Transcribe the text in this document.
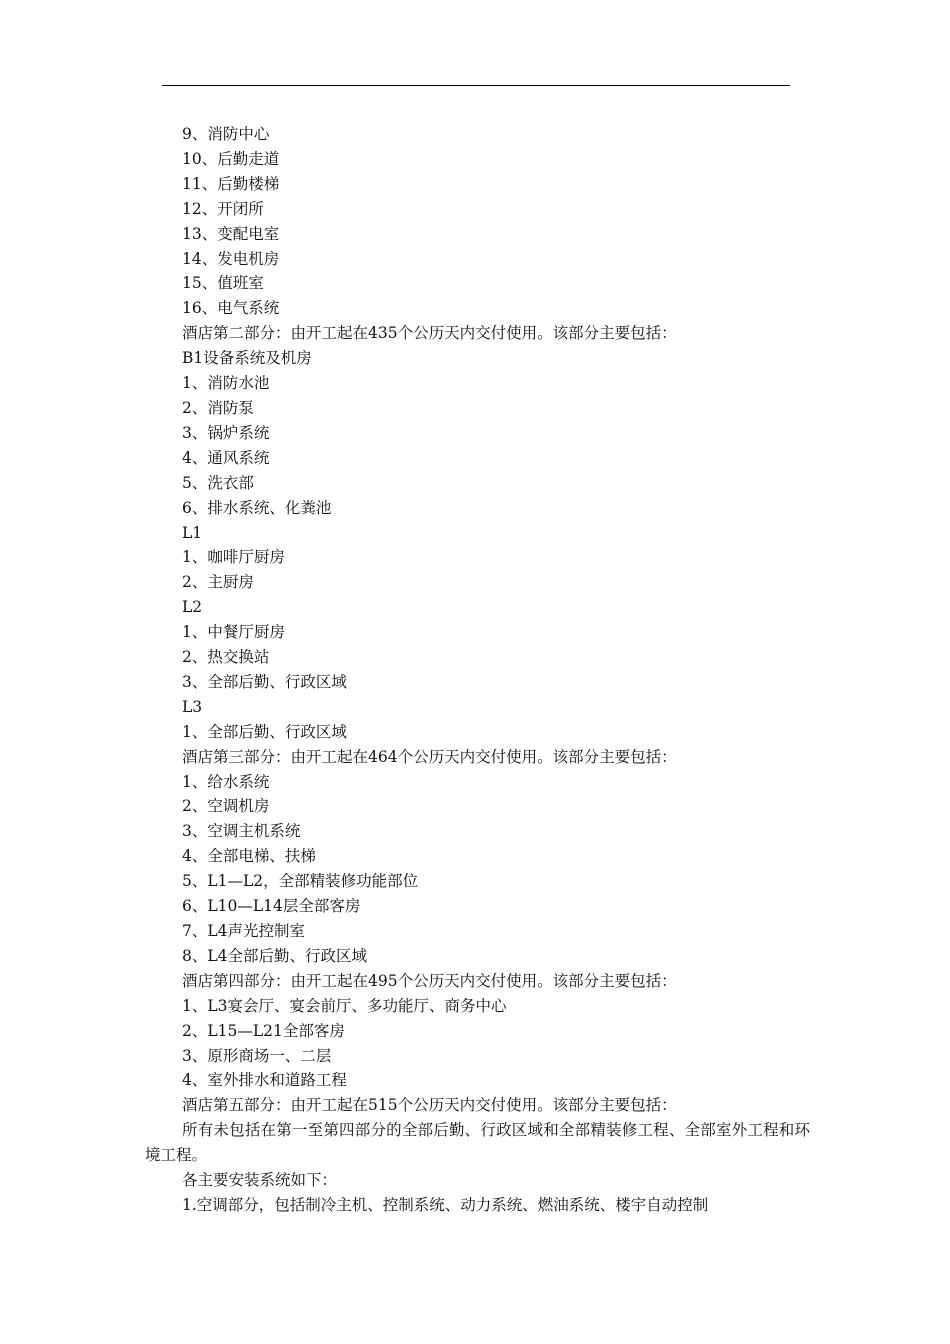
9、消防中心

10、后勤走道

11、后勤楼梯

12、开闭所

13、变配电室

14、发电机房

15、值班室

16、电气系统

酒店第二部分：由开工起在435个公历天内交付使用。该部分主要包括：

B1设备系统及机房

1、消防水池

2、消防泵

3、锅炉系统

4、通风系统

5、洗衣部

6、排水系统、化粪池

L1

1、咖啡厅厨房

2、主厨房

L2

1、中餐厅厨房

2、热交换站

3、全部后勤、行政区域

L3

1、全部后勤、行政区域

酒店第三部分：由开工起在464个公历天内交付使用。该部分主要包括：

1、给水系统

2、空调机房

3、空调主机系统

4、全部电梯、扶梯

5、L1—L2，全部精装修功能部位

6、L10—L14层全部客房

7、L4声光控制室

8、L4全部后勤、行政区域

酒店第四部分：由开工起在495个公历天内交付使用。该部分主要包括：

1、L3宴会厅、宴会前厅、多功能厅、商务中心

2、L15—L21全部客房

3、原形商场一、二层

4、室外排水和道路工程

酒店第五部分：由开工起在515个公历天内交付使用。该部分主要包括：

所有未包括在第一至第四部分的全部后勤、行政区域和全部精装修工程、全部室外工程和环境工程。

各主要安装系统如下：

1.空调部分，包括制冷主机、控制系统、动力系统、燃油系统、楼宇自动控制
